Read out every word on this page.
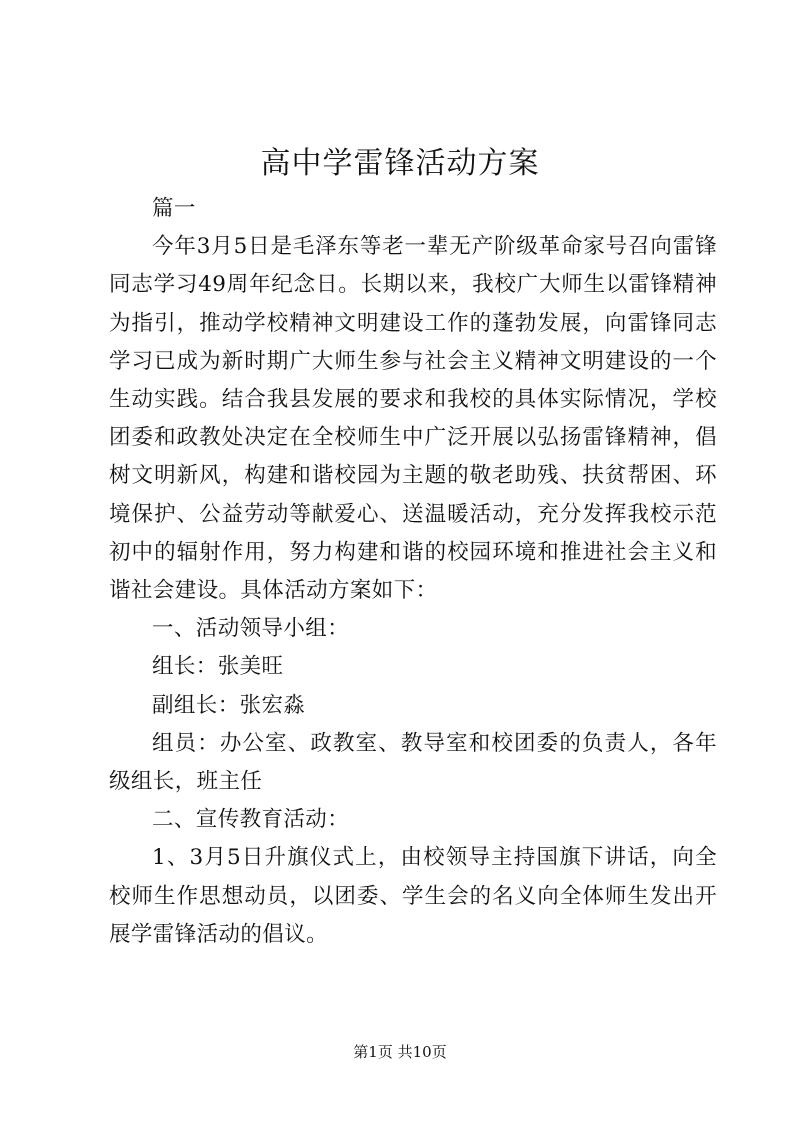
高中学雷锋活动方案

篇一

今年3月5日是毛泽东等老一辈无产阶级革命家号召向雷锋同志学习49周年纪念日。长期以来，我校广大师生以雷锋精神为指引，推动学校精神文明建设工作的蓬勃发展，向雷锋同志学习已成为新时期广大师生参与社会主义精神文明建设的一个生动实践。结合我县发展的要求和我校的具体实际情况，学校团委和政教处决定在全校师生中广泛开展以弘扬雷锋精神，倡树文明新风，构建和谐校园为主题的敬老助残、扶贫帮困、环境保护、公益劳动等献爱心、送温暖活动，充分发挥我校示范初中的辐射作用，努力构建和谐的校园环境和推进社会主义和谐社会建设。具体活动方案如下：

一、活动领导小组：

组长：张美旺

副组长：张宏淼

组员：办公室、政教室、教导室和校团委的负责人，各年级组长，班主任

二、宣传教育活动：

1、3月5日升旗仪式上，由校领导主持国旗下讲话，向全校师生作思想动员，以团委、学生会的名义向全体师生发出开展学雷锋活动的倡议。

第1页 共10页
